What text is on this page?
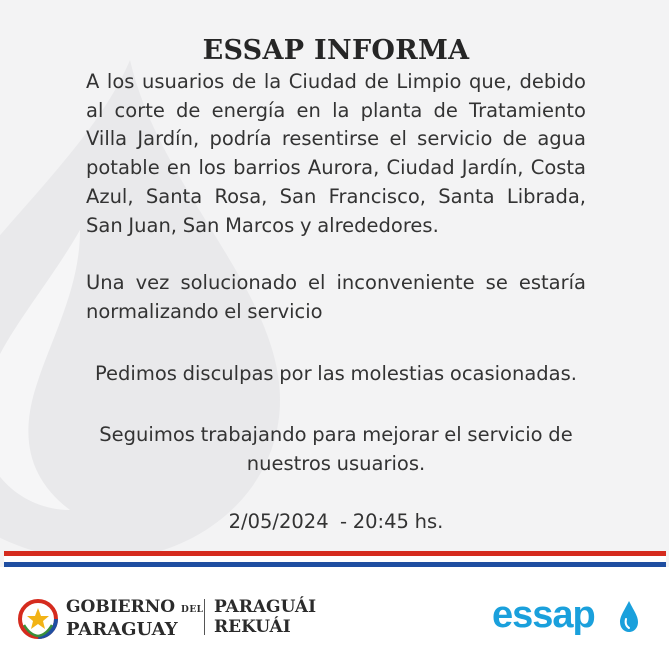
ESSAP INFORMA

A los usuarios de la Ciudad de Limpio que, debido al corte de energía en la planta de Tratamiento Villa Jardín, podría resentirse el servicio de agua potable en los barrios Aurora, Ciudad Jardín, Costa Azul, Santa Rosa, San Francisco, Santa Librada, San Juan, San Marcos y alrededores.

Una vez solucionado el inconveniente se estaría normalizando el servicio

Pedimos disculpas por las molestias ocasionadas.

Seguimos trabajando para mejorar el servicio de nuestros usuarios.

2/05/2024  - 20:45 hs.

GOBIERNO DEL
PARAGUAY
PARAGUÁI
REKUÁI	essap
